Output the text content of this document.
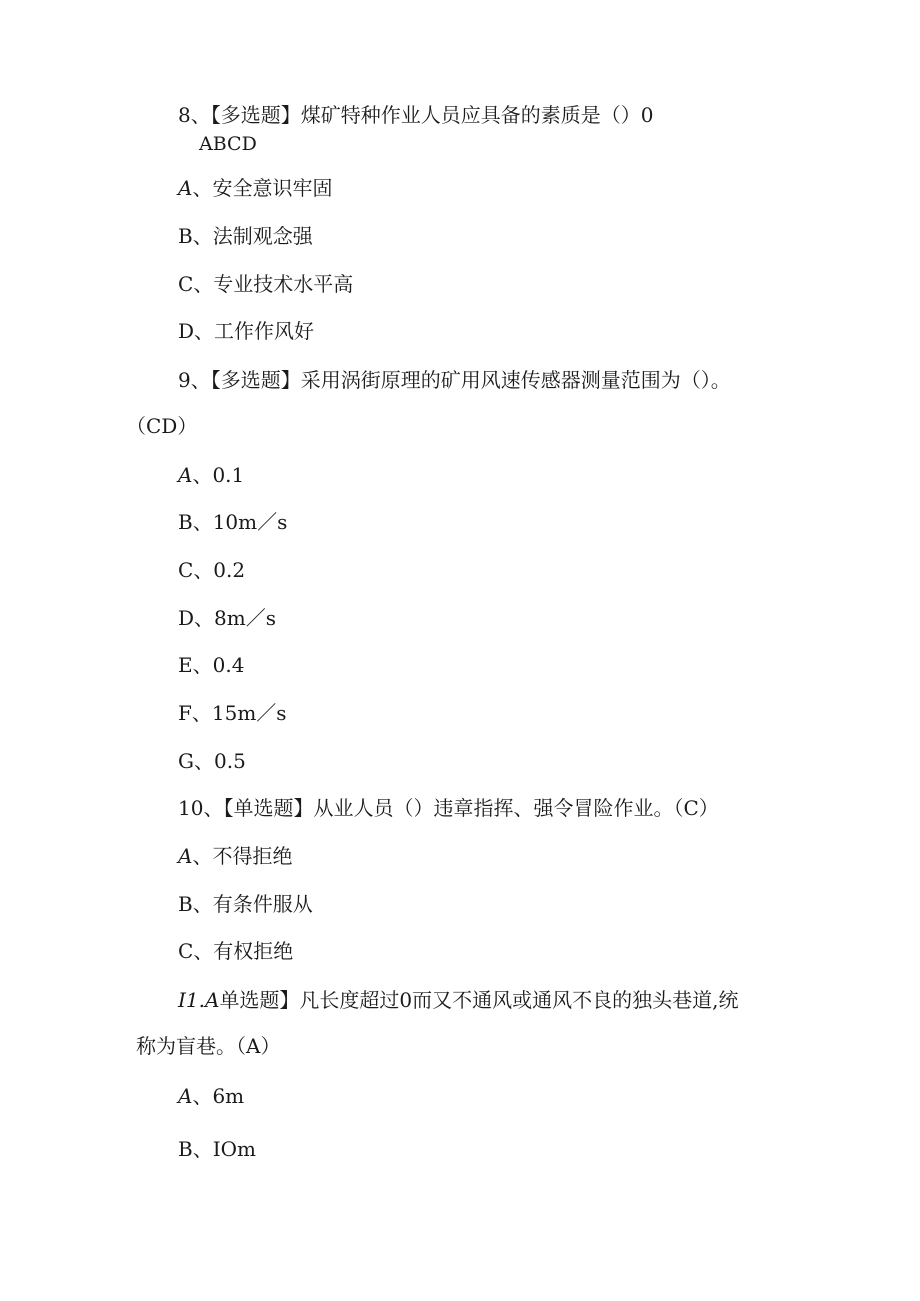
8、【多选题】煤矿特种作业人员应具备的素质是（）0
ABCD
A、安全意识牢固
B、法制观念强
C、专业技术水平高
D、工作作风好
9、【多选题】采用涡街原理的矿用风速传感器测量范围为（）。
（CD）
A、0.1
B、10m／s
C、0.2
D、8m／s
E、0.4
F、15m／s
G、0.5
10、【单选题】从业人员（）违章指挥、强令冒险作业。（C）
A、不得拒绝
B、有条件服从
C、有权拒绝
I1.A单选题】凡长度超过0而又不通风或通风不良的独头巷道,统
称为盲巷。（A）
A、6m
B、IOm
